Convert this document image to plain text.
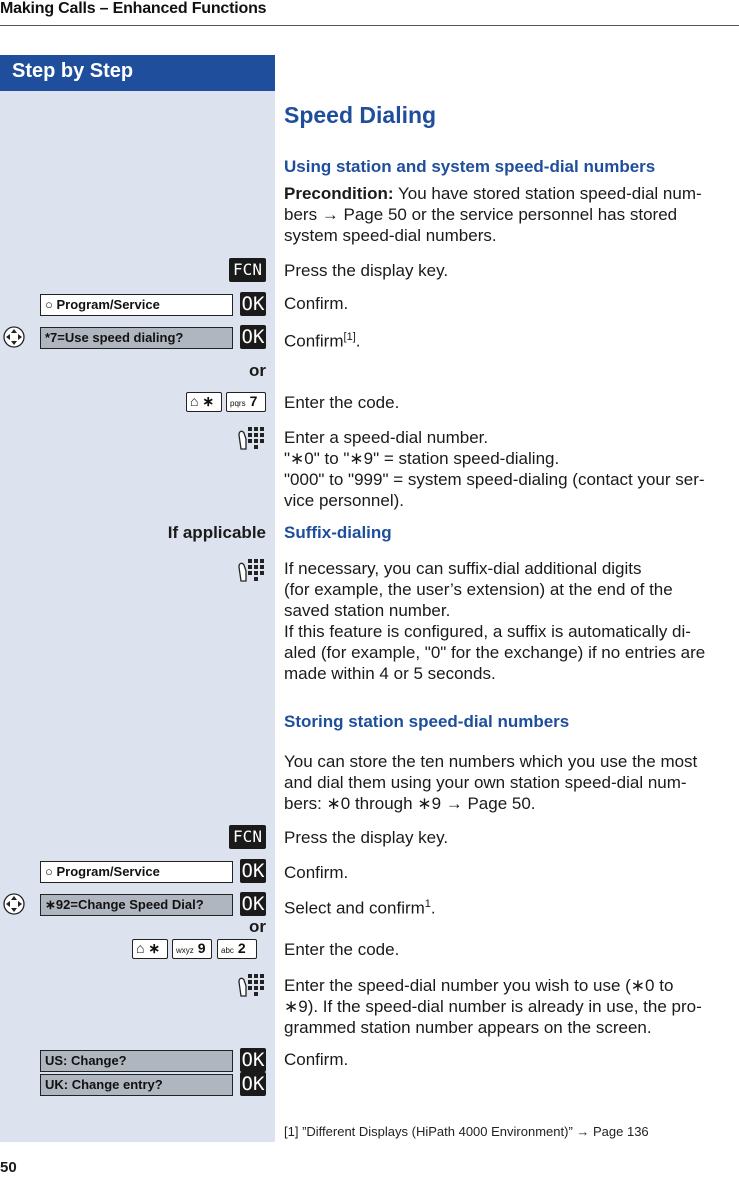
Making Calls – Enhanced Functions
Step by Step
Speed Dialing
Using station and system speed-dial numbers
Precondition: You have stored station speed-dial num-
bers → Page 50 or the service personnel has stored
system speed-dial numbers.
FCN Press the display key.
○ Program/Service	OK Confirm.
*7=Use speed dialing?	OK Confirm[1].
or
⌂ ∗	pqrs 7	Enter the code.
Enter a speed-dial number.
"∗0" to "∗9" = station speed-dialing.
"000" to "999" = system speed-dialing (contact your ser-
vice personnel).
If applicable Suffix-dialing
If necessary, you can suffix-dial additional digits
(for example, the user’s extension) at the end of the
saved station number.
If this feature is configured, a suffix is automatically di-
aled (for example, "0" for the exchange) if no entries are
made within 4 or 5 seconds.
Storing station speed-dial numbers
You can store the ten numbers which you use the most
and dial them using your own station speed-dial num-
bers: ∗0 through ∗9 → Page 50.
FCN Press the display key.
○ Program/Service	OK Confirm.
∗92=Change Speed Dial?	OK Select and confirm$^1$.
or
⌂ ∗	wxyz 9	abc 2	Enter the code.
Enter the speed-dial number you wish to use (∗0 to
∗9). If the speed-dial number is already in use, the pro-
grammed station number appears on the screen.
US: Change?	OK Confirm.
UK: Change entry?	OK
[1] ”Different Displays (HiPath 4000 Environment)” → Page 136
50
